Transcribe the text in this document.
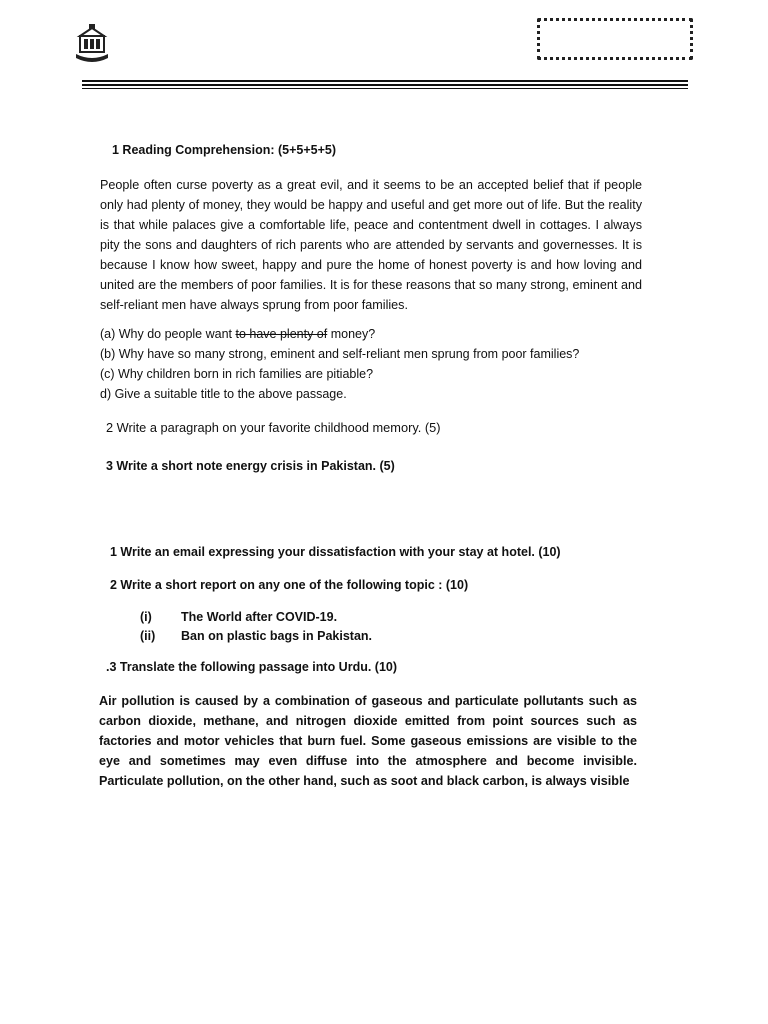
1 Reading Comprehension: (5+5+5+5)
People often curse poverty as a great evil, and it seems to be an accepted belief that if people only had plenty of money, they would be happy and useful and get more out of life. But the reality is that while palaces give a comfortable life, peace and contentment dwell in cottages. I always pity the sons and daughters of rich parents who are attended by servants and governesses. It is because I know how sweet, happy and pure the home of honest poverty is and how loving and united are the members of poor families. It is for these reasons that so many strong, eminent and self-reliant men have always sprung from poor families.
(a) Why do people want to have plenty of money?
(b) Why have so many strong, eminent and self-reliant men sprung from poor families?
(c) Why children born in rich families are pitiable?
d) Give a suitable title to the above passage.
2 Write a paragraph on your favorite childhood memory. (5)
3 Write a short note energy crisis in Pakistan. (5)
1 Write an email expressing your dissatisfaction with your stay at hotel. (10)
2 Write a short report on any one of the following topic : (10)
(i) The World after COVID-19.
(ii) Ban on plastic bags in Pakistan.
.3 Translate the following passage into Urdu. (10)
Air pollution is caused by a combination of gaseous and particulate pollutants such as carbon dioxide, methane, and nitrogen dioxide emitted from point sources such as factories and motor vehicles that burn fuel. Some gaseous emissions are visible to the eye and sometimes may even diffuse into the atmosphere and become invisible. Particulate pollution, on the other hand, such as soot and black carbon, is always visible
